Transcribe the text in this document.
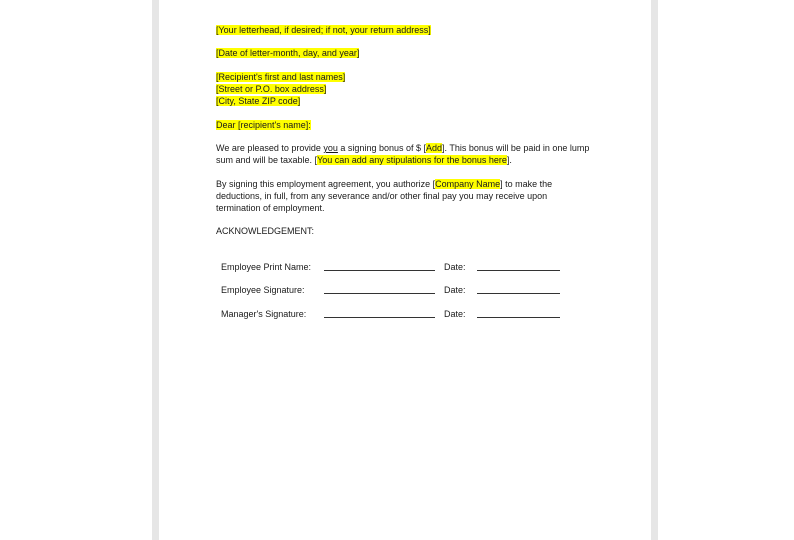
[Your letterhead, if desired; if not, your return address]
[Date of letter-month, day, and year]
[Recipient's first and last names]
[Street or P.O. box address]
[City, State ZIP code]
Dear [recipient's name]:
We are pleased to provide you a signing bonus of $ [Add]. This bonus will be paid in one lump
sum and will be taxable. [You can add any stipulations for the bonus here].
By signing this employment agreement, you authorize [Company Name] to make the
deductions, in full, from any severance and/or other final pay you may receive upon
termination of employment.
ACKNOWLEDGEMENT:
Employee Print Name:	Date:
Employee Signature:	Date:
Manager's Signature:	Date:
